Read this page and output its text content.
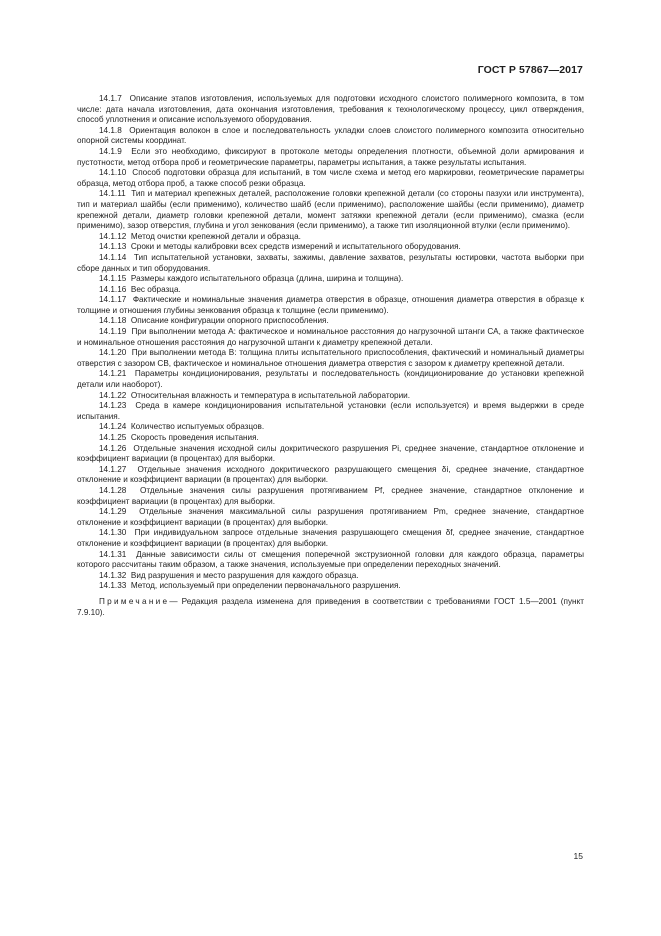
ГОСТ Р 57867—2017
14.1.7 Описание этапов изготовления, используемых для подготовки исходного слоистого полимерного композита, в том числе: дата начала изготовления, дата окончания изготовления, требования к технологическому процессу, цикл отверждения, способ уплотнения и описание используемого оборудования.
14.1.8 Ориентация волокон в слое и последовательность укладки слоев слоистого полимерного композита относительно опорной системы координат.
14.1.9 Если это необходимо, фиксируют в протоколе методы определения плотности, объемной доли армирования и пустотности, метод отбора проб и геометрические параметры, параметры испытания, а также результаты испытания.
14.1.10 Способ подготовки образца для испытаний, в том числе схема и метод его маркировки, геометрические параметры образца, метод отбора проб, а также способ резки образца.
14.1.11 Тип и материал крепежных деталей, расположение головки крепежной детали (со стороны пазухи или инструмента), тип и материал шайбы (если применимо), количество шайб (если применимо), расположение шайбы (если применимо), диаметр крепежной детали, диаметр головки крепежной детали, момент затяжки крепежной детали (если применимо), смазка (если применимо), зазор отверстия, глубина и угол зенкования (если применимо), а также тип изоляционной втулки (если применимо).
14.1.12 Метод очистки крепежной детали и образца.
14.1.13 Сроки и методы калибровки всех средств измерений и испытательного оборудования.
14.1.14 Тип испытательной установки, захваты, зажимы, давление захватов, результаты юстировки, частота выборки при сборе данных и тип оборудования.
14.1.15 Размеры каждого испытательного образца (длина, ширина и толщина).
14.1.16 Вес образца.
14.1.17 Фактические и номинальные значения диаметра отверстия в образце, отношения диаметра отверстия в образце к толщине и отношения глубины зенкования образца к толщине (если применимо).
14.1.18 Описание конфигурации опорного приспособления.
14.1.19 При выполнении метода А: фактическое и номинальное расстояния до нагрузочной штанги СА, а также фактическое и номинальное отношения расстояния до нагрузочной штанги к диаметру крепежной детали.
14.1.20 При выполнении метода В: толщина плиты испытательного приспособления, фактический и номинальный диаметры отверстия с зазором СВ, фактическое и номинальное отношения диаметра отверстия с зазором к диаметру крепежной детали.
14.1.21 Параметры кондиционирования, результаты и последовательность (кондиционирование до установки крепежной детали или наоборот).
14.1.22 Относительная влажность и температура в испытательной лаборатории.
14.1.23 Среда в камере кондиционирования испытательной установки (если используется) и время выдержки в среде испытания.
14.1.24 Количество испытуемых образцов.
14.1.25 Скорость проведения испытания.
14.1.26 Отдельные значения исходной силы докритического разрушения Pi, среднее значение, стандартное отклонение и коэффициент вариации (в процентах) для выборки.
14.1.27 Отдельные значения исходного докритического разрушающего смещения δi, среднее значение, стандартное отклонение и коэффициент вариации (в процентах) для выборки.
14.1.28 Отдельные значения силы разрушения протягиванием Pf, среднее значение, стандартное отклонение и коэффициент вариации (в процентах) для выборки.
14.1.29 Отдельные значения максимальной силы разрушения протягиванием Pm, среднее значение, стандартное отклонение и коэффициент вариации (в процентах) для выборки.
14.1.30 При индивидуальном запросе отдельные значения разрушающего смещения δf, среднее значение, стандартное отклонение и коэффициент вариации (в процентах) для выборки.
14.1.31 Данные зависимости силы от смещения поперечной экструзионной головки для каждого образца, параметры которого рассчитаны таким образом, а также значения, используемые при определении переходных значений.
14.1.32 Вид разрушения и место разрушения для каждого образца.
14.1.33 Метод, используемый при определении первоначального разрушения.
Примечание— Редакция раздела изменена для приведения в соответствии с требованиями ГОСТ 1.5—2001 (пункт 7.9.10).
15
